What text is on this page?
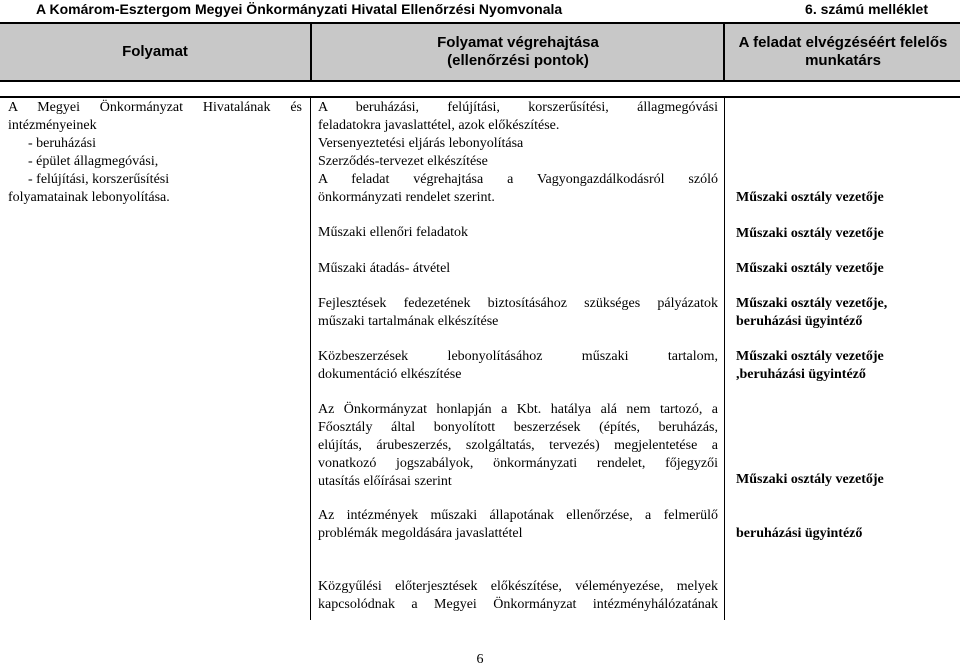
A Komárom-Esztergom Megyei Önkormányzati Hivatal Ellenőrzési Nyomvonala	6. számú melléklet
Folyamat
Folyamat végrehajtása
(ellenőrzési pontok)
A feladat elvégzéséért felelős
munkatárs
A Megyei Önkormányzat Hivatalának és
intézményeinek
- beruházási
- épület állagmegóvási,
- felújítási, korszerűsítési
folyamatainak lebonyolítása.
A beruházási, felújítási, korszerűsítési, állagmegóvási
feladatokra javaslattétel, azok előkészítése.
Versenyeztetési eljárás lebonyolítása
Szerződés-tervezet elkészítése
A feladat végrehajtása a Vagyongazdálkodásról szóló
önkormányzati rendelet szerint.
Műszaki ellenőri feladatok
Műszaki átadás- átvétel
Fejlesztések fedezetének biztosításához szükséges pályázatok
műszaki tartalmának elkészítése
Közbeszerzések lebonyolításához műszaki tartalom,
dokumentáció elkészítése
Az Önkormányzat honlapján a Kbt. hatálya alá nem tartozó, a
Főosztály által bonyolított beszerzések (építés, beruházás,
elújítás, árubeszerzés, szolgáltatás, tervezés) megjelentetése a
vonatkozó jogszabályok, önkormányzati rendelet, főjegyzői
utasítás előírásai szerint
Az intézmények műszaki állapotának ellenőrzése, a felmerülő
problémák megoldására javaslattétel
Közgyűlési előterjesztések előkészítése, véleményezése, melyek
kapcsolódnak a Megyei Önkormányzat intézményhálózatának
Műszaki osztály vezetője
Műszaki osztály vezetője
Műszaki osztály vezetője
Műszaki osztály vezetője,
beruházási ügyintéző
Műszaki osztály vezetője
,beruházási ügyintéző
Műszaki osztály vezetője
beruházási ügyintéző
6
